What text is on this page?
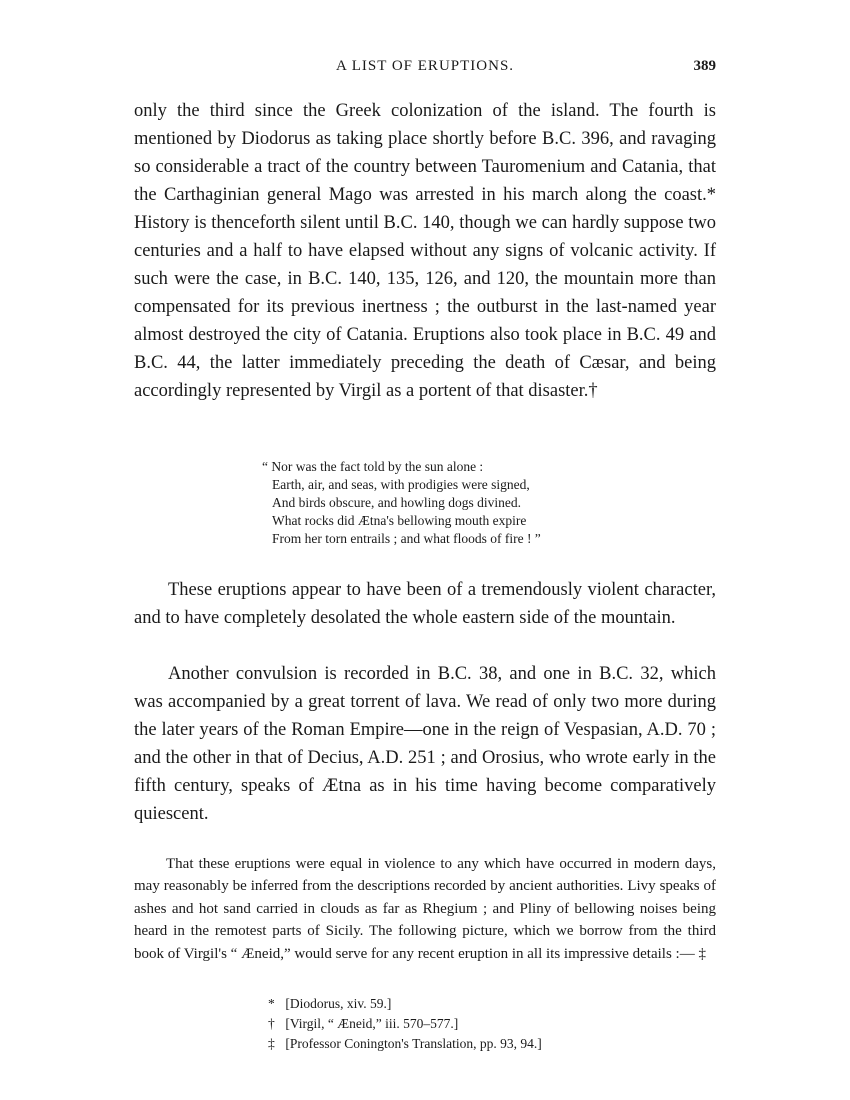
A LIST OF ERUPTIONS.	389

only the third since the Greek colonization of the island. The fourth is mentioned by Diodorus as taking place shortly before B.C. 396, and ravaging so considerable a tract of the country between Tauromenium and Catania, that the Carthaginian general Mago was arrested in his march along the coast.* History is thenceforth silent until B.C. 140, though we can hardly suppose two centuries and a half to have elapsed without any signs of volcanic activity. If such were the case, in B.C. 140, 135, 126, and 120, the mountain more than compensated for its previous inertness ; the outburst in the last-named year almost destroyed the city of Catania. Eruptions also took place in B.C. 49 and B.C. 44, the latter immediately preceding the death of Cæsar, and being accordingly represented by Virgil as a portent of that disaster.†

“ Nor was the fact told by the sun alone :

Earth, air, and seas, with prodigies were signed,

And birds obscure, and howling dogs divined.

What rocks did Ætna's bellowing mouth expire

From her torn entrails ; and what floods of fire ! ”

These eruptions appear to have been of a tremendously violent character, and to have completely desolated the whole eastern side of the mountain.

Another convulsion is recorded in B.C. 38, and one in B.C. 32, which was accompanied by a great torrent of lava. We read of only two more during the later years of the Roman Empire—one in the reign of Vespasian, A.D. 70 ; and the other in that of Decius, A.D. 251 ; and Orosius, who wrote early in the fifth century, speaks of Ætna as in his time having become comparatively quiescent.

That these eruptions were equal in violence to any which have occurred in modern days, may reasonably be inferred from the descriptions recorded by ancient authorities. Livy speaks of ashes and hot sand carried in clouds as far as Rhegium ; and Pliny of bellowing noises being heard in the remotest parts of Sicily. The following picture, which we borrow from the third book of Virgil's “ Æneid,” would serve for any recent eruption in all its impressive details :— ‡

* [Diodorus, xiv. 59.]

† [Virgil, “ Æneid,” iii. 570–577.]

‡ [Professor Conington's Translation, pp. 93, 94.]
